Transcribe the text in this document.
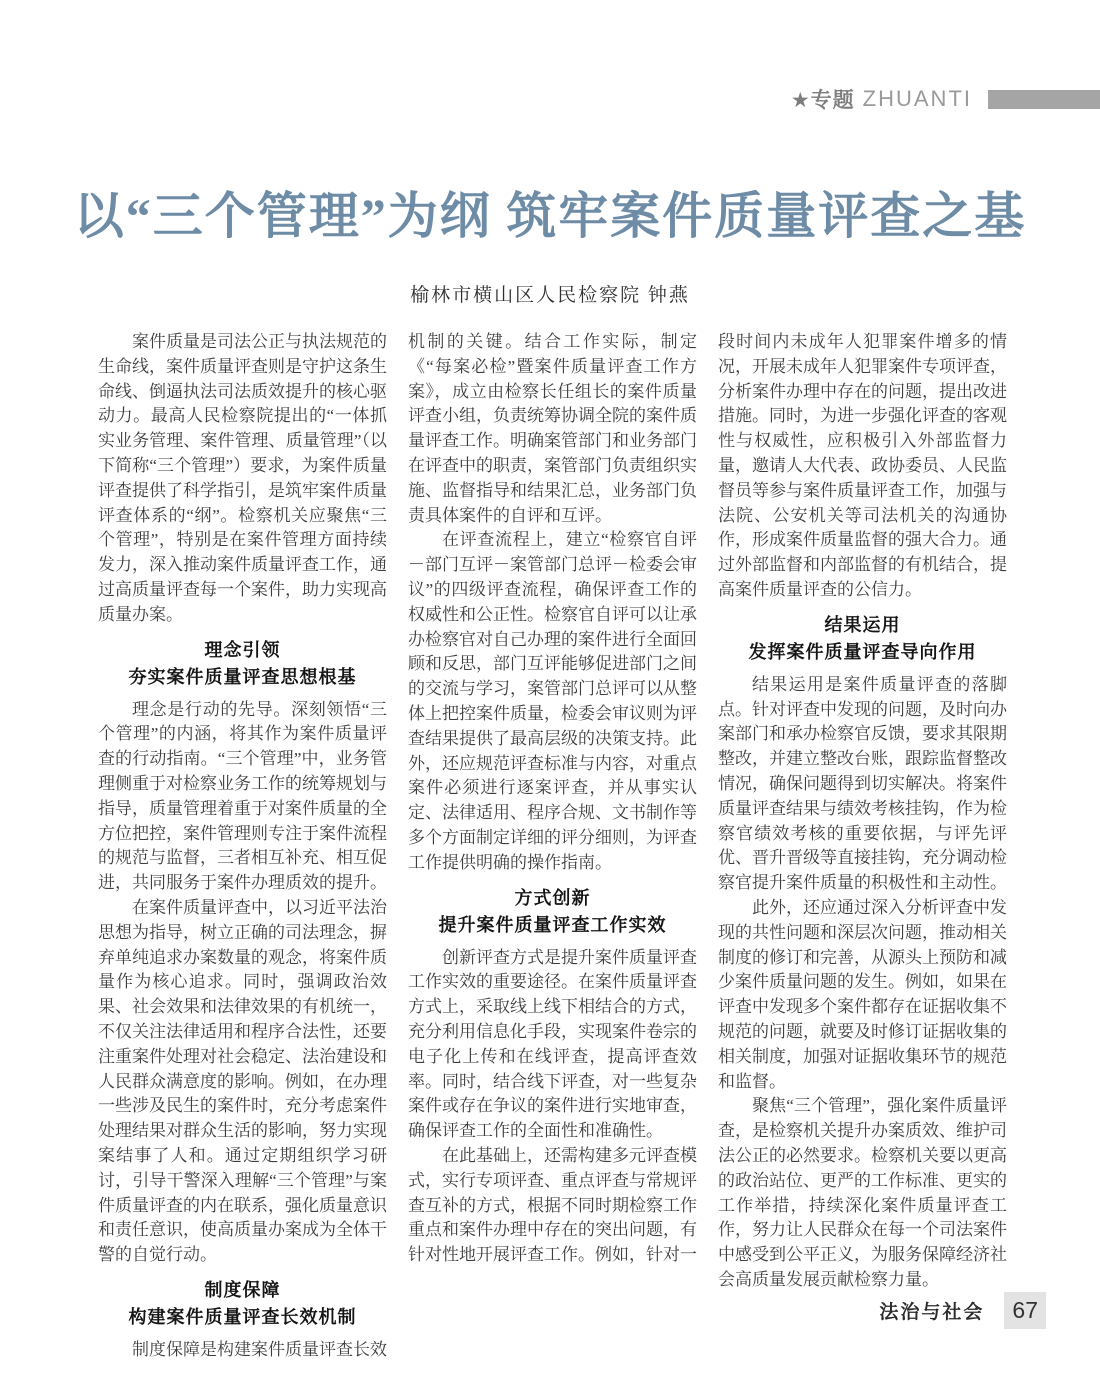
★专题 ZHUANTI
以“三个管理”为纲 筑牢案件质量评查之基
榆林市横山区人民检察院 钟燕

案件质量是司法公正与执法规范的生命线，案件质量评查则是守护这条生命线、倒逼执法司法质效提升的核心驱动力。最高人民检察院提出的“一体抓实业务管理、案件管理、质量管理”（以下简称“三个管理”）要求，为案件质量评查提供了科学指引，是筑牢案件质量评查体系的“纲”。检察机关应聚焦“三个管理”，特别是在案件管理方面持续发力，深入推动案件质量评查工作，通过高质量评查每一个案件，助力实现高质量办案。

理念引领
夯实案件质量评查思想根基

理念是行动的先导。深刻领悟“三个管理”的内涵，将其作为案件质量评查的行动指南。“三个管理”中，业务管理侧重于对检察业务工作的统筹规划与指导，质量管理着重于对案件质量的全方位把控，案件管理则专注于案件流程的规范与监督，三者相互补充、相互促进，共同服务于案件办理质效的提升。

在案件质量评查中，以习近平法治思想为指导，树立正确的司法理念，摒弃单纯追求办案数量的观念，将案件质量作为核心追求。同时，强调政治效果、社会效果和法律效果的有机统一，不仅关注法律适用和程序合法性，还要注重案件处理对社会稳定、法治建设和人民群众满意度的影响。例如，在办理一些涉及民生的案件时，充分考虑案件处理结果对群众生活的影响，努力实现案结事了人和。通过定期组织学习研讨，引导干警深入理解“三个管理”与案件质量评查的内在联系，强化质量意识和责任意识，使高质量办案成为全体干警的自觉行动。

制度保障
构建案件质量评查长效机制

制度保障是构建案件质量评查长效

机制的关键。结合工作实际，制定《“每案必检”暨案件质量评查工作方案》，成立由检察长任组长的案件质量评查小组，负责统筹协调全院的案件质量评查工作。明确案管部门和业务部门在评查中的职责，案管部门负责组织实施、监督指导和结果汇总，业务部门负责具体案件的自评和互评。

在评查流程上，建立“检察官自评－部门互评－案管部门总评－检委会审议”的四级评查流程，确保评查工作的权威性和公正性。检察官自评可以让承办检察官对自己办理的案件进行全面回顾和反思，部门互评能够促进部门之间的交流与学习，案管部门总评可以从整体上把控案件质量，检委会审议则为评查结果提供了最高层级的决策支持。此外，还应规范评查标准与内容，对重点案件必须进行逐案评查，并从事实认定、法律适用、程序合规、文书制作等多个方面制定详细的评分细则，为评查工作提供明确的操作指南。

方式创新
提升案件质量评查工作实效

创新评查方式是提升案件质量评查工作实效的重要途径。在案件质量评查方式上，采取线上线下相结合的方式，充分利用信息化手段，实现案件卷宗的电子化上传和在线评查，提高评查效率。同时，结合线下评查，对一些复杂案件或存在争议的案件进行实地审查，确保评查工作的全面性和准确性。

在此基础上，还需构建多元评查模式，实行专项评查、重点评查与常规评查互补的方式，根据不同时期检察工作重点和案件办理中存在的突出问题，有针对性地开展评查工作。例如，针对一

段时间内未成年人犯罪案件增多的情况，开展未成年人犯罪案件专项评查，分析案件办理中存在的问题，提出改进措施。同时，为进一步强化评查的客观性与权威性，应积极引入外部监督力量，邀请人大代表、政协委员、人民监督员等参与案件质量评查工作，加强与法院、公安机关等司法机关的沟通协作，形成案件质量监督的强大合力。通过外部监督和内部监督的有机结合，提高案件质量评查的公信力。

结果运用
发挥案件质量评查导向作用

结果运用是案件质量评查的落脚点。针对评查中发现的问题，及时向办案部门和承办检察官反馈，要求其限期整改，并建立整改台账，跟踪监督整改情况，确保问题得到切实解决。将案件质量评查结果与绩效考核挂钩，作为检察官绩效考核的重要依据，与评先评优、晋升晋级等直接挂钩，充分调动检察官提升案件质量的积极性和主动性。

此外，还应通过深入分析评查中发现的共性问题和深层次问题，推动相关制度的修订和完善，从源头上预防和减少案件质量问题的发生。例如，如果在评查中发现多个案件都存在证据收集不规范的问题，就要及时修订证据收集的相关制度，加强对证据收集环节的规范和监督。

聚焦“三个管理”，强化案件质量评查，是检察机关提升办案质效、维护司法公正的必然要求。检察机关要以更高的政治站位、更严的工作标准、更实的工作举措，持续深化案件质量评查工作，努力让人民群众在每一个司法案件中感受到公平正义，为服务保障经济社会高质量发展贡献检察力量。

法治与社会	67
